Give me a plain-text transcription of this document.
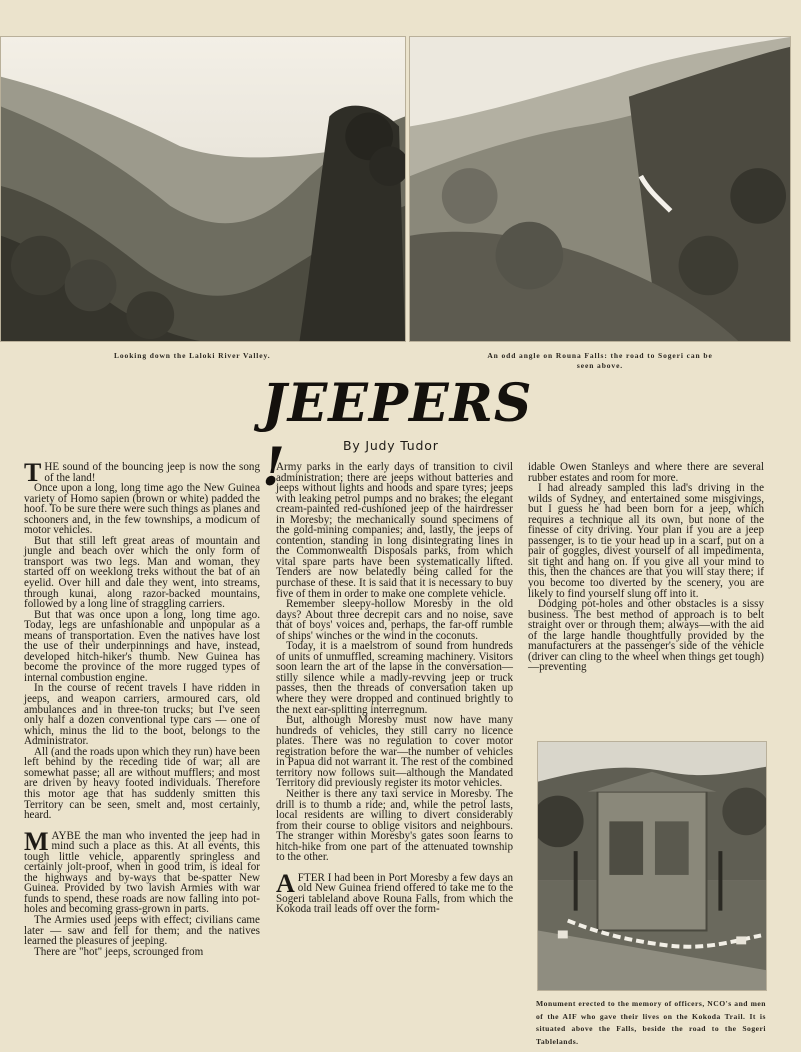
Looking down the Laloki River Valley.	An odd angle on Rouna Falls: the road to Sogeri can be seen above.
JEEPERS !	By Judy Tudor

THE sound of the bouncing jeep is now the song of the land!

Once upon a long, long time ago the New Guinea variety of Homo sapien (brown or white) padded the hoof. To be sure there were such things as planes and schooners and, in the few townships, a modicum of motor vehicles.

But that still left great areas of mountain and jungle and beach over which the only form of transport was two legs. Man and woman, they started off on weeklong treks without the bat of an eyelid. Over hill and dale they went, into streams, through kunai, along razor-backed mountains, followed by a long line of straggling carriers.

But that was once upon a long, long time ago. Today, legs are unfashionable and unpopular as a means of transportation. Even the natives have lost the use of their underpinnings and have, instead, developed hitch-hiker's thumb. New Guinea has become the province of the more rugged types of internal combustion engine.

In the course of recent travels I have ridden in jeeps, and weapon carriers, armoured cars, old ambulances and in three-ton trucks; but I've seen only half a dozen conventional type cars — one of which, minus the lid to the boot, belongs to the Administrator.

All (and the roads upon which they run) have been left behind by the receding tide of war; all are somewhat passe; all are without mufflers; and most are driven by heavy footed individuals. Therefore this motor age that has suddenly smitten this Territory can be seen, smelt and, most certainly, heard.

MAYBE the man who invented the jeep had in mind such a place as this. At all events, this tough little vehicle, apparently springless and certainly jolt-proof, when in good trim, is ideal for the highways and by-ways that be-spatter New Guinea. Provided by two lavish Armies with war funds to spend, these roads are now falling into pot-holes and becoming grass-grown in parts.

The Armies used jeeps with effect; civilians came later — saw and fell for them; and the natives learned the pleasures of jeeping.

There are "hot" jeeps, scrounged from

Army parks in the early days of transition to civil administration; there are jeeps without batteries and jeeps without lights and hoods and spare tyres; jeeps with leaking petrol pumps and no brakes; the elegant cream-painted red-cushioned jeep of the hairdresser in Moresby; the mechanically sound specimens of the gold-mining companies; and, lastly, the jeeps of contention, standing in long disintegrating lines in the Commonwealth Disposals parks, from which vital spare parts have been systematically lifted. Tenders are now belatedly being called for the purchase of these. It is said that it is necessary to buy five of them in order to make one complete vehicle.

Remember sleepy-hollow Moresby in the old days? About three decrepit cars and no noise, save that of boys' voices and, perhaps, the far-off rumble of ships' winches or the wind in the coconuts.

Today, it is a maelstrom of sound from hundreds of units of unmuffled, screaming machinery. Visitors soon learn the art of the lapse in the conversation—stilly silence while a madly-revving jeep or truck passes, then the threads of conversation taken up where they were dropped and continued brightly to the next ear-splitting interregnum.

But, although Moresby must now have many hundreds of vehicles, they still carry no licence plates. There was no regulation to cover motor registration before the war—the number of vehicles in Papua did not warrant it. The rest of the combined territory now follows suit—although the Mandated Territory did previously register its motor vehicles.

Neither is there any taxi service in Moresby. The drill is to thumb a ride; and, while the petrol lasts, local residents are willing to divert considerably from their course to oblige visitors and neighbours. The stranger within Moresby's gates soon learns to hitch-hike from one part of the attenuated township to the other.

AFTER I had been in Port Moresby a few days an old New Guinea friend offered to take me to the Sogeri tableland above Rouna Falls, from which the Kokoda trail leads off over the form-

idable Owen Stanleys and where there are several rubber estates and room for more.

I had already sampled this lad's driving in the wilds of Sydney, and entertained some misgivings, but I guess he had been born for a jeep, which requires a technique all its own, but none of the finesse of city driving. Your plan if you are a jeep passenger, is to tie your head up in a scarf, put on a pair of goggles, divest yourself of all impedimenta, sit tight and hang on. If you give all your mind to this, then the chances are that you will stay there; if you become too diverted by the scenery, you are likely to find yourself slung off into it.

Dodging pot-holes and other obstacles is a sissy business. The best method of approach is to belt straight over or through them; always—with the aid of the large handle thoughtfully provided by the manufacturers at the passenger's side of the vehicle (driver can cling to the wheel when things get tough)—preventing

Monument erected to the memory of officers, NCO's and men of the AIF who gave their lives on the Kokoda Trail. It is situated above the Falls, beside the road to the Sogeri Tablelands.
